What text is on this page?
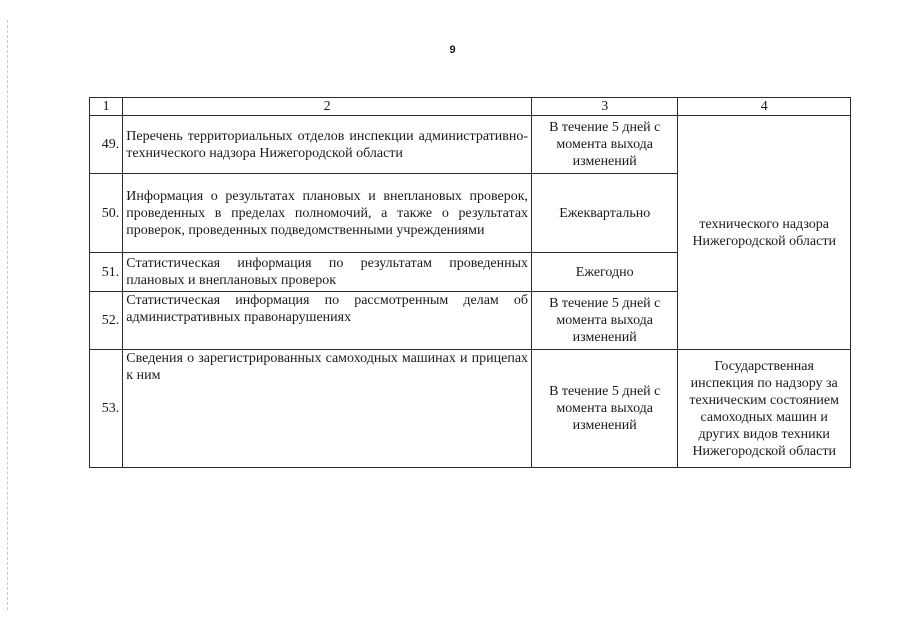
9
1	2	3	4
49.	Перечень территориальных отделов инспекции административно-технического надзора Нижегородской области	В течение 5 дней с момента выхода изменений	технического надзора Нижегородской области
50.	Информация о результатах плановых и внеплановых проверок, проведенных в пределах полномочий, а также о результатах проверок, проведенных подведомственными учреждениями	Ежеквартально	
51.	Статистическая информация по результатам проведенных плановых и внеплановых проверок	Ежегодно	
52.	Статистическая информация по рассмотренным делам об административных правонарушениях	В течение 5 дней с момента выхода изменений	
53.	Сведения о зарегистрированных самоходных машинах и прицепах к ним	В течение 5 дней с момента выхода изменений	Государственная инспекция по надзору за техническим состоянием самоходных машин и других видов техники Нижегородской области
